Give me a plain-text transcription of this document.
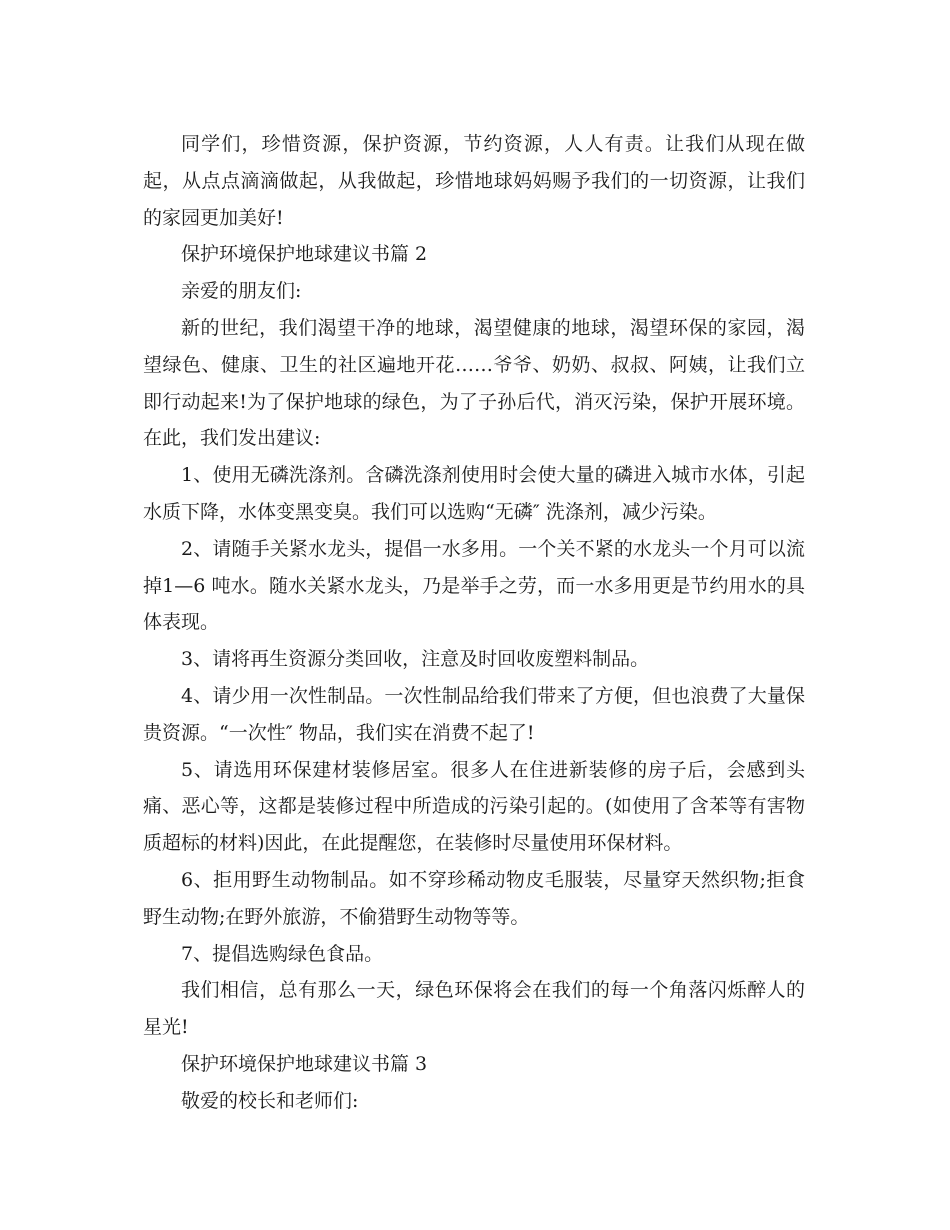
同学们，珍惜资源，保护资源，节约资源，人人有责。让我们从现在做起，从点点滴滴做起，从我做起，珍惜地球妈妈赐予我们的一切资源，让我们的家园更加美好!

保护环境保护地球建议书篇 2

亲爱的朋友们:

新的世纪，我们渴望干净的地球，渴望健康的地球，渴望环保的家园，渴望绿色、健康、卫生的社区遍地开花……爷爷、奶奶、叔叔、阿姨，让我们立即行动起来!为了保护地球的绿色，为了子孙后代，消灭污染，保护开展环境。在此，我们发出建议:

1、使用无磷洗涤剂。含磷洗涤剂使用时会使大量的磷进入城市水体，引起水质下降，水体变黑变臭。我们可以选购“无磷″ 洗涤剂，减少污染。

2、请随手关紧水龙头，提倡一水多用。一个关不紧的水龙头一个月可以流掉1—6 吨水。随水关紧水龙头，乃是举手之劳，而一水多用更是节约用水的具体表现。

3、请将再生资源分类回收，注意及时回收废塑料制品。

4、请少用一次性制品。一次性制品给我们带来了方便，但也浪费了大量保贵资源。“一次性″ 物品，我们实在消费不起了!

5、请选用环保建材装修居室。很多人在住进新装修的房子后，会感到头痛、恶心等，这都是装修过程中所造成的污染引起的。(如使用了含苯等有害物质超标的材料)因此，在此提醒您，在装修时尽量使用环保材料。

6、拒用野生动物制品。如不穿珍稀动物皮毛服装，尽量穿天然织物;拒食野生动物;在野外旅游，不偷猎野生动物等等。

7、提倡选购绿色食品。

我们相信，总有那么一天，绿色环保将会在我们的每一个角落闪烁醉人的星光!

保护环境保护地球建议书篇 3

敬爱的校长和老师们:
